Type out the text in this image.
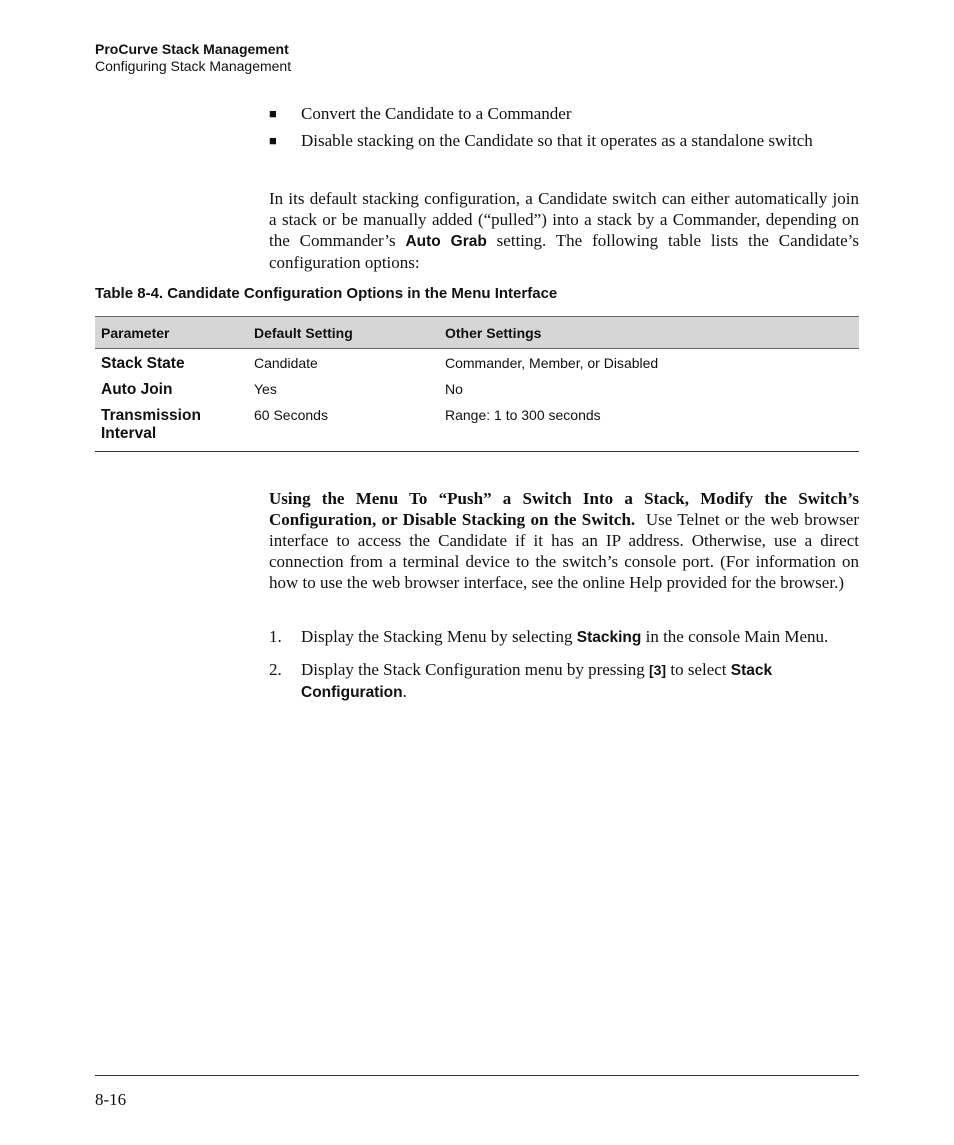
ProCurve Stack Management
Configuring Stack Management
■ Convert the Candidate to a Commander
■ Disable stacking on the Candidate so that it operates as a standalone switch
In its default stacking configuration, a Candidate switch can either automatically join a stack or be manually added (“pulled”) into a stack by a Commander, depending on the Commander’s Auto Grab setting. The following table lists the Candidate’s configuration options:
Table 8-4. Candidate Configuration Options in the Menu Interface
Parameter	Default Setting	Other Settings
Stack State	Candidate	Commander, Member, or Disabled
Auto Join	Yes	No
Transmission Interval	60 Seconds	Range: 1 to 300 seconds
Using the Menu To “Push” a Switch Into a Stack, Modify the Switch’s Configuration, or Disable Stacking on the Switch. Use Telnet or the web browser interface to access the Candidate if it has an IP address. Otherwise, use a direct connection from a terminal device to the switch’s console port. (For information on how to use the web browser interface, see the online Help provided for the browser.)
1. Display the Stacking Menu by selecting Stacking in the console Main Menu.
2. Display the Stack Configuration menu by pressing [3] to select Stack Configuration.
8-16
